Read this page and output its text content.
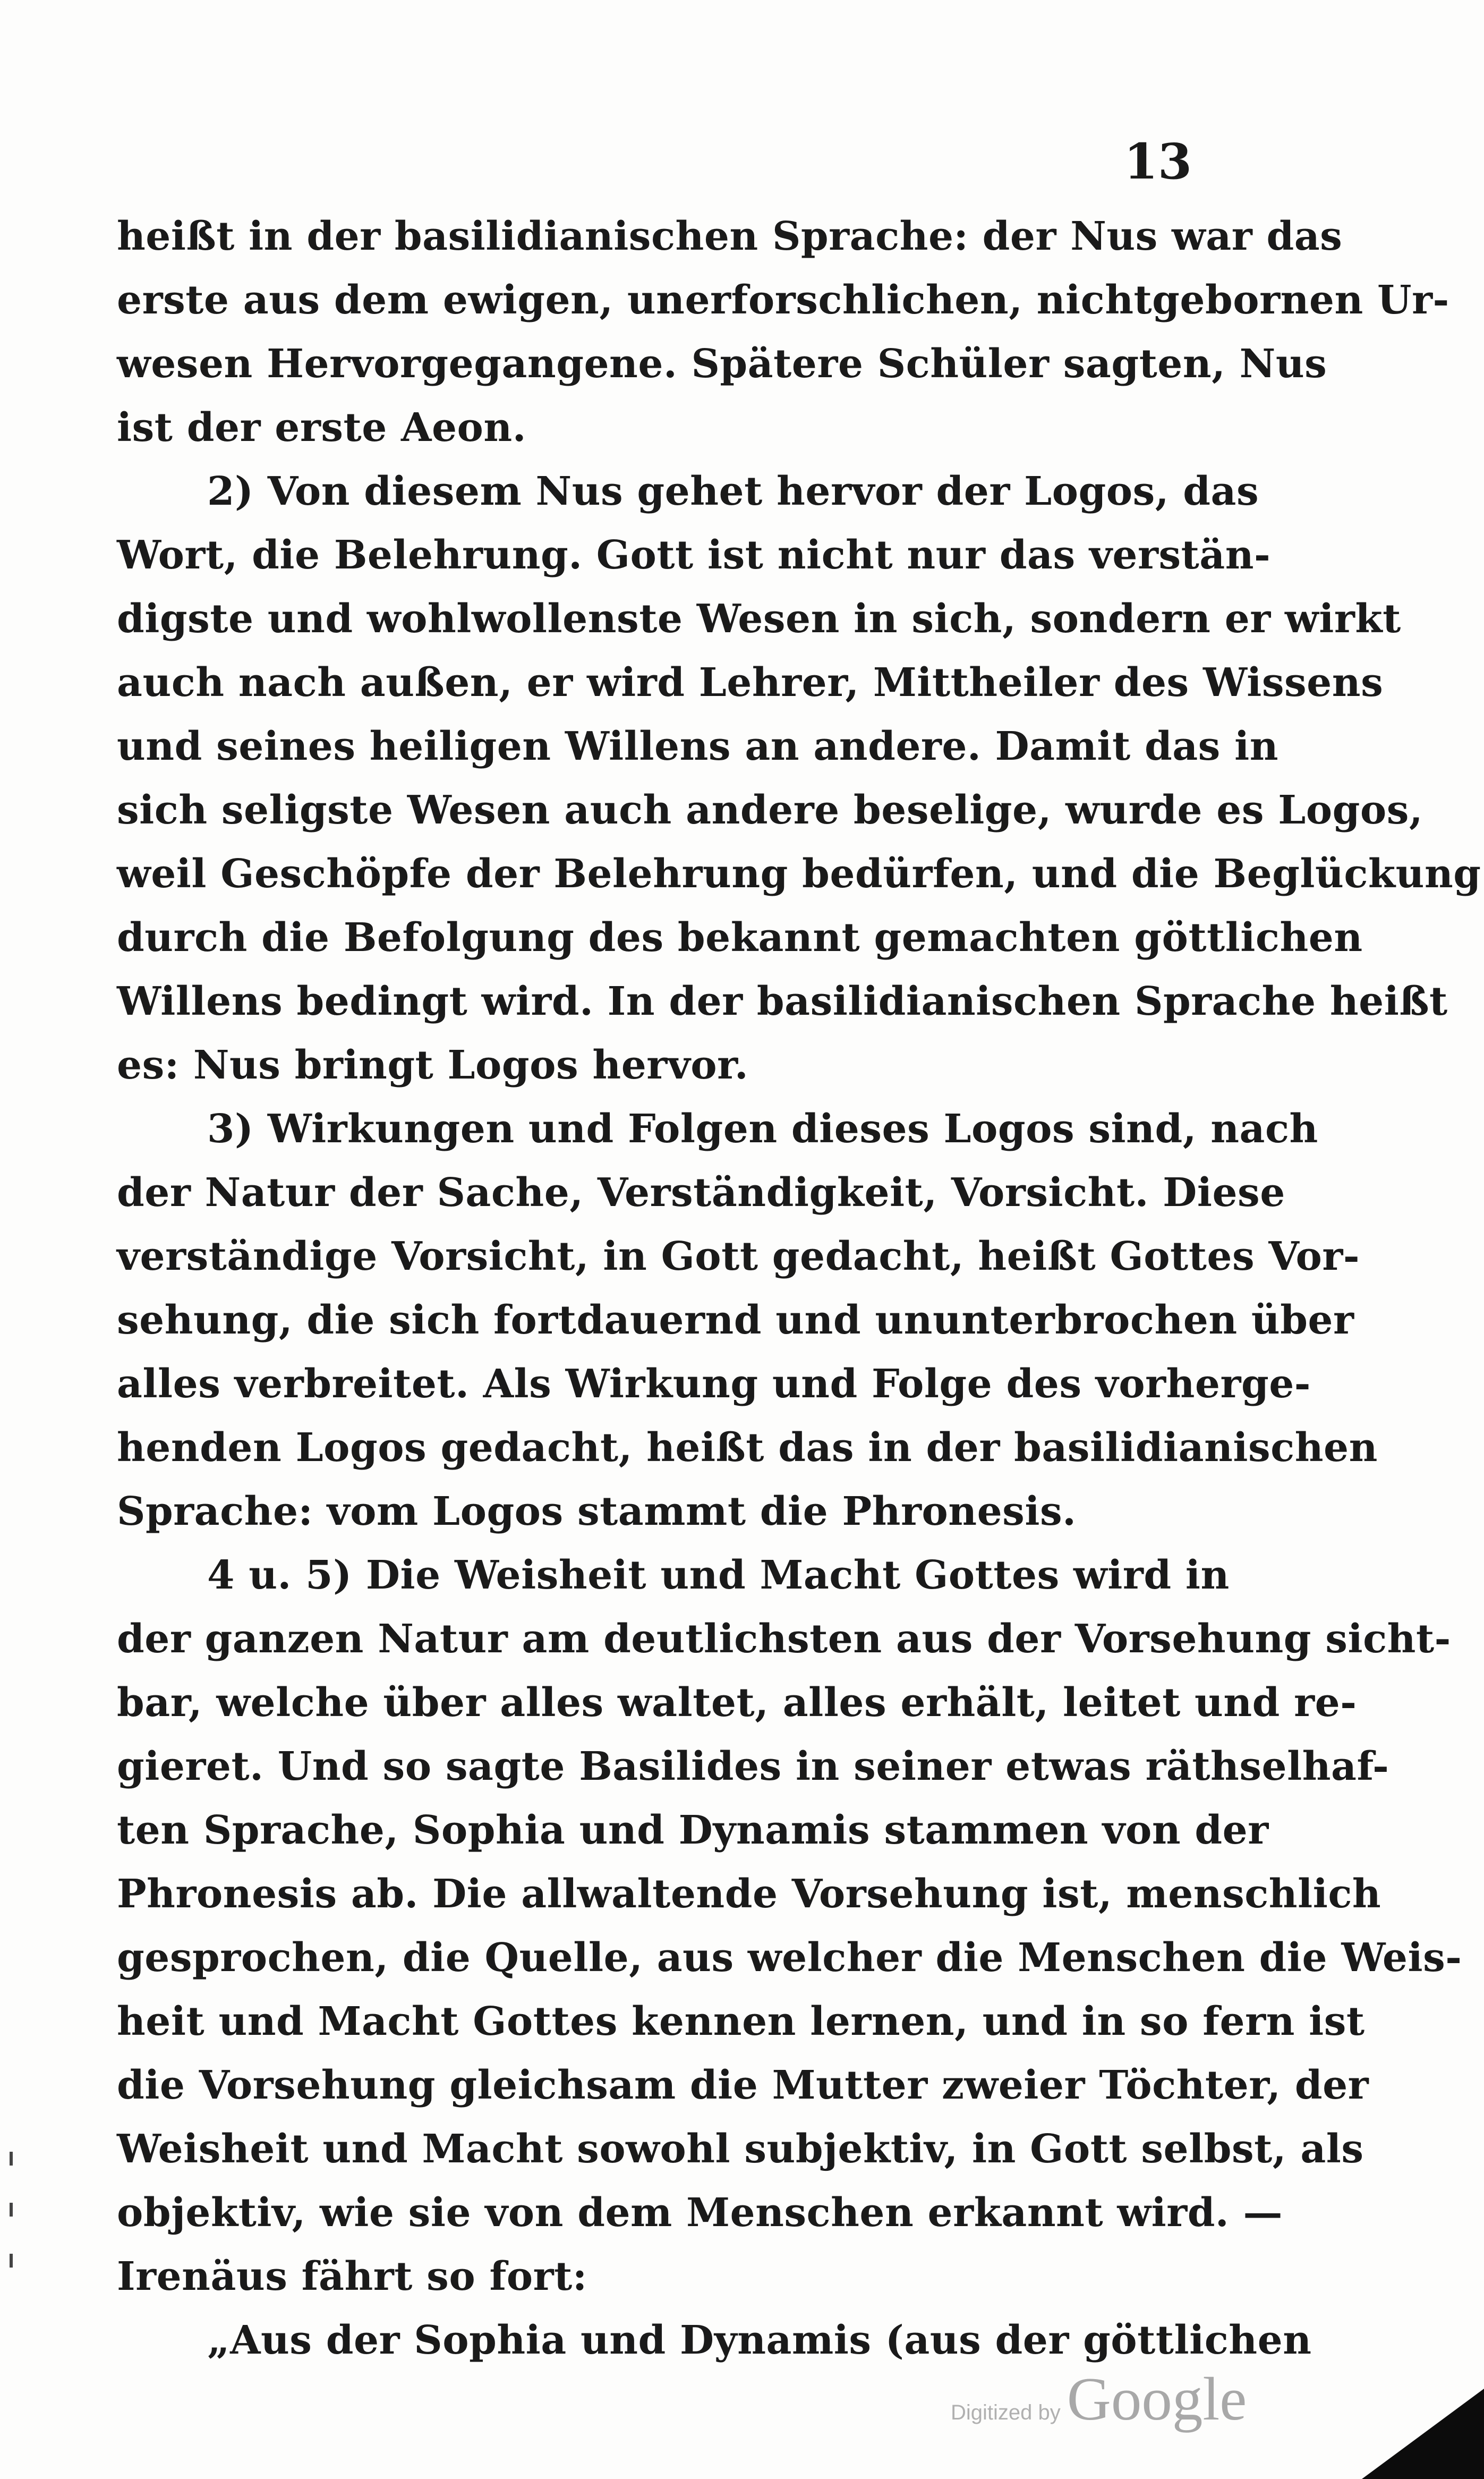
13
heißt in der basilidianischen Sprache: der Nus war das
erste aus dem ewigen, unerforschlichen, nichtgebornen Ur-
wesen Hervorgegangene. Spätere Schüler sagten, Nus
ist der erste Aeon.
2) Von diesem Nus gehet hervor der Logos, das
Wort, die Belehrung. Gott ist nicht nur das verstän-
digste und wohlwollenste Wesen in sich, sondern er wirkt
auch nach außen, er wird Lehrer, Mittheiler des Wissens
und seines heiligen Willens an andere. Damit das in
sich seligste Wesen auch andere beselige, wurde es Logos,
weil Geschöpfe der Belehrung bedürfen, und die Beglückung
durch die Befolgung des bekannt gemachten göttlichen
Willens bedingt wird. In der basilidianischen Sprache heißt
es: Nus bringt Logos hervor.
3) Wirkungen und Folgen dieses Logos sind, nach
der Natur der Sache, Verständigkeit, Vorsicht. Diese
verständige Vorsicht, in Gott gedacht, heißt Gottes Vor-
sehung, die sich fortdauernd und ununterbrochen über
alles verbreitet. Als Wirkung und Folge des vorherge-
henden Logos gedacht, heißt das in der basilidianischen
Sprache: vom Logos stammt die Phronesis.
4 u. 5) Die Weisheit und Macht Gottes wird in
der ganzen Natur am deutlichsten aus der Vorsehung sicht-
bar, welche über alles waltet, alles erhält, leitet und re-
gieret. Und so sagte Basilides in seiner etwas räthselhaf-
ten Sprache, Sophia und Dynamis stammen von der
Phronesis ab. Die allwaltende Vorsehung ist, menschlich
gesprochen, die Quelle, aus welcher die Menschen die Weis-
heit und Macht Gottes kennen lernen, und in so fern ist
die Vorsehung gleichsam die Mutter zweier Töchter, der
Weisheit und Macht sowohl subjektiv, in Gott selbst, als
objektiv, wie sie von dem Menschen erkannt wird. —
Irenäus fährt so fort:
„Aus der Sophia und Dynamis (aus der göttlichen
Digitized by Google
